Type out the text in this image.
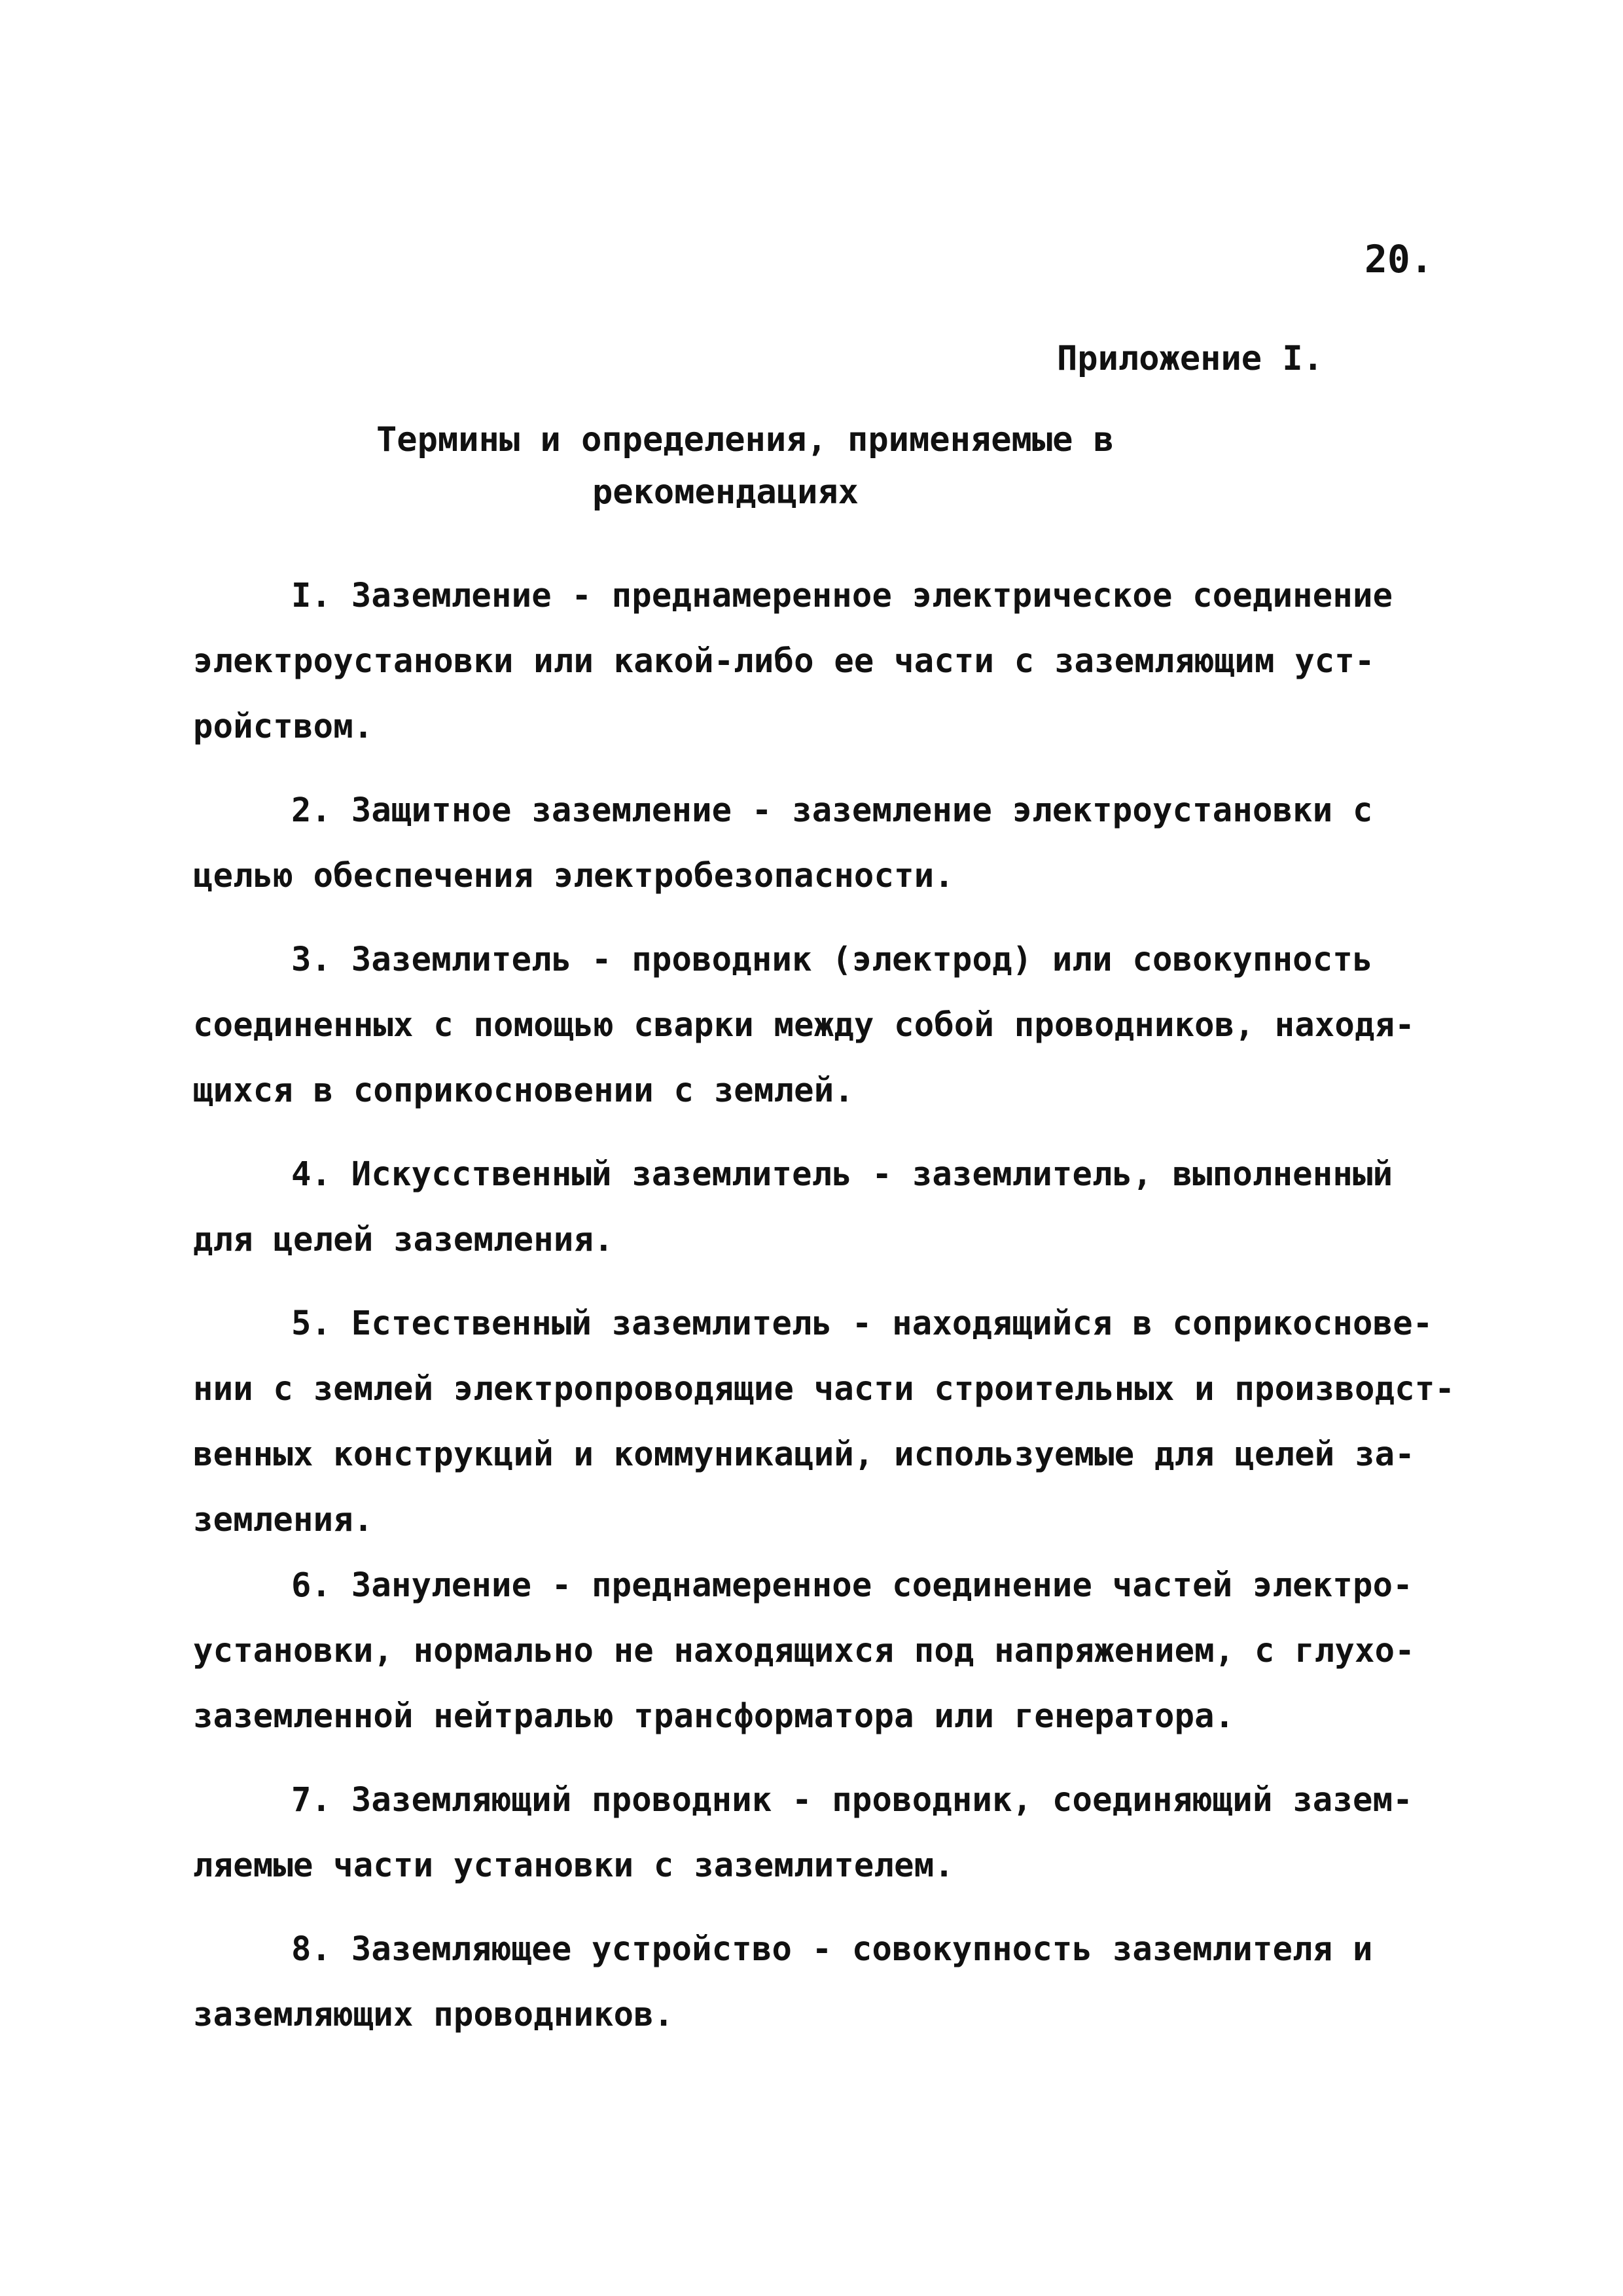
20.
Приложение I.
Термины и определения, применяемые в
рекомендациях
I. Заземление - преднамеренное электрическое соединение
электроустановки или какой-либо ее части с заземляющим уст-
ройством.
2. Защитное заземление - заземление электроустановки с
целью обеспечения электробезопасности.
3. Заземлитель - проводник (электрод) или совокупность
соединенных с помощью сварки между собой проводников, находя-
щихся в соприкосновении с землей.
4. Искусственный заземлитель - заземлитель, выполненный
для целей заземления.
5. Естественный заземлитель - находящийся в соприкоснове-
нии с землей электропроводящие части строительных и производст-
венных конструкций и коммуникаций, используемые для целей за-
земления.
6. Зануление - преднамеренное соединение частей электро-
установки, нормально не находящихся под напряжением, с глухо-
заземленной нейтралью трансформатора или генератора.
7. Заземляющий проводник - проводник, соединяющий зазем-
ляемые части установки с заземлителем.
8. Заземляющее устройство - совокупность заземлителя и
заземляющих проводников.
